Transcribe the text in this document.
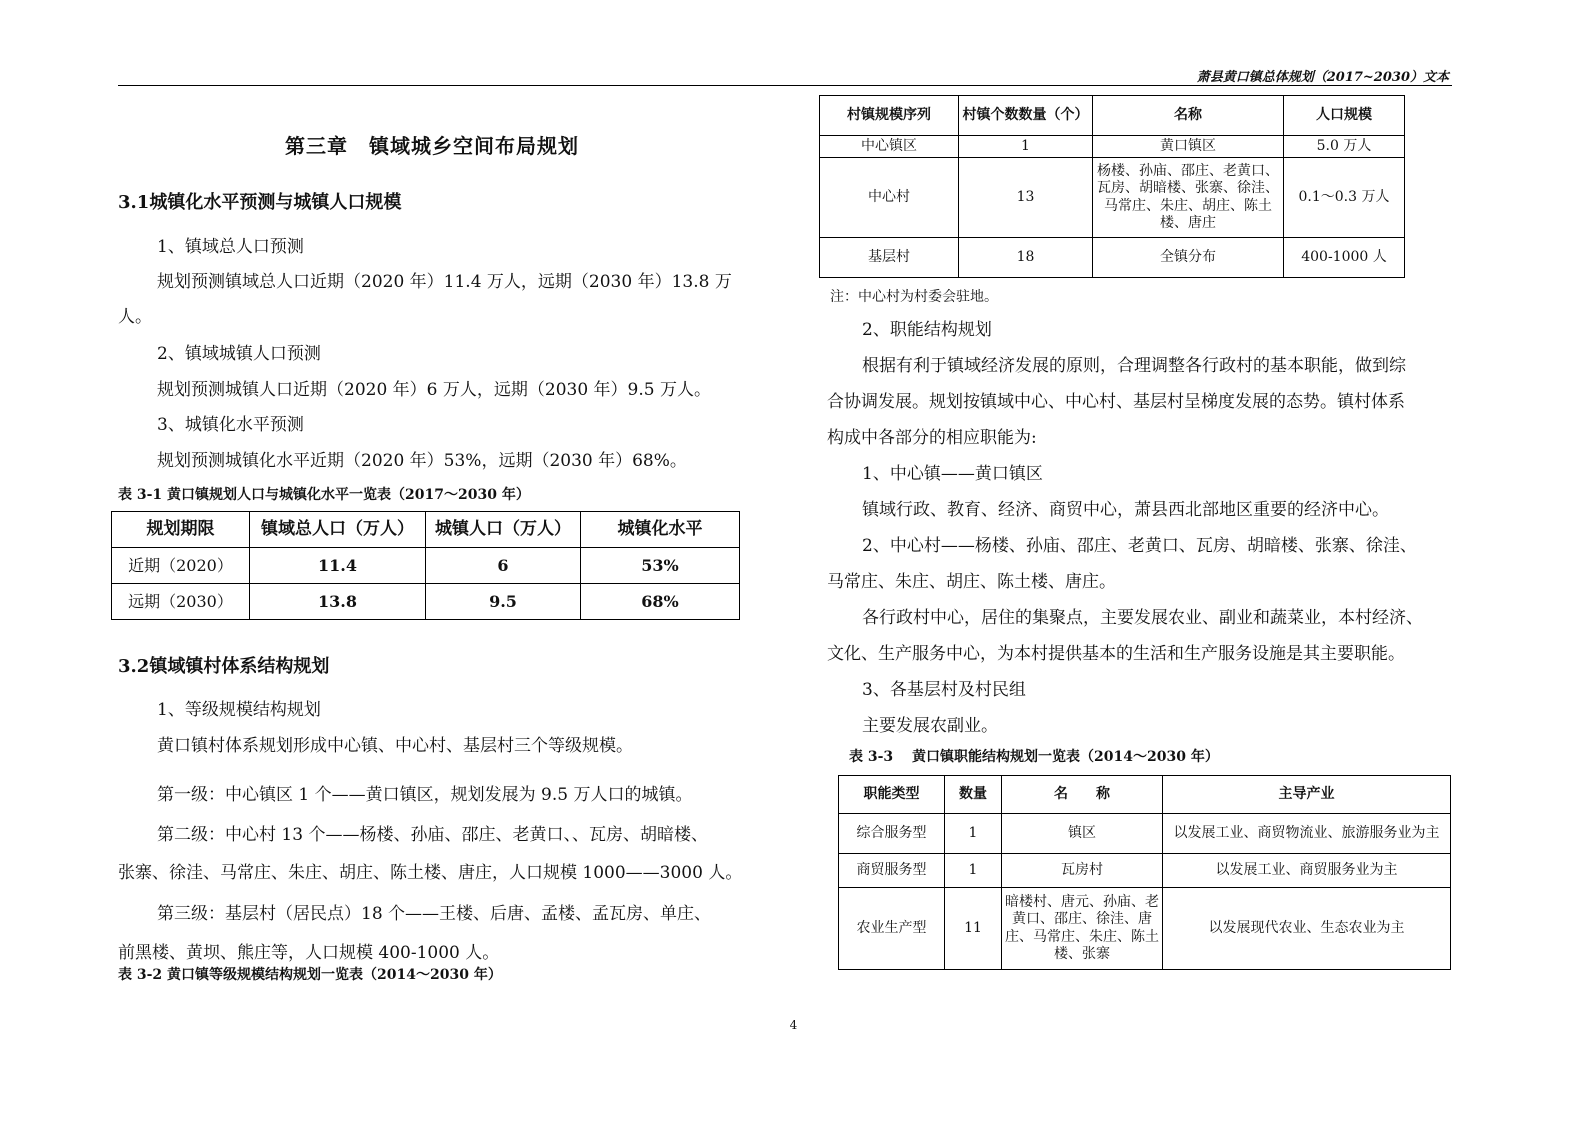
萧县黄口镇总体规划（2017~2030）文本
第三章　镇域城乡空间布局规划
3.1城镇化水平预测与城镇人口规模
1、镇域总人口预测
规划预测镇域总人口近期（2020 年）11.4 万人，远期（2030 年）13.8 万
人。
2、镇域城镇人口预测
规划预测城镇人口近期（2020 年）6 万人，远期（2030 年）9.5 万人。
3、城镇化水平预测
规划预测城镇化水平近期（2020 年）53%，远期（2030 年）68%。
表 3-1 黄口镇规划人口与城镇化水平一览表（2017～2030 年）
规划期限	镇域总人口（万人）	城镇人口（万人）	城镇化水平
近期（2020）	11.4	6	53%
远期（2030）	13.8	9.5	68%
3.2镇域镇村体系结构规划
1、等级规模结构规划
黄口镇村体系规划形成中心镇、中心村、基层村三个等级规模。
第一级：中心镇区 1 个——黄口镇区，规划发展为 9.5 万人口的城镇。
第二级：中心村 13 个——杨楼、孙庙、邵庄、老黄口、、瓦房、胡暗楼、
张寨、徐洼、马常庄、朱庄、胡庄、陈土楼、唐庄，人口规模 1000——3000 人。
第三级：基层村（居民点）18 个——王楼、后唐、孟楼、孟瓦房、单庄、
前黑楼、黄坝、熊庄等，人口规模 400-1000 人。
表 3-2 黄口镇等级规模结构规划一览表（2014～2030 年）
村镇规模序列	村镇个数数量（个）	名称	人口规模
中心镇区	1	黄口镇区	5.0 万人
中心村	13	杨楼、孙庙、邵庄、老黄口、瓦房、胡暗楼、张寨、徐洼、马常庄、朱庄、胡庄、陈土楼、唐庄	0.1～0.3 万人
基层村	18	全镇分布	400-1000 人
注：中心村为村委会驻地。
2、职能结构规划
根据有利于镇域经济发展的原则，合理调整各行政村的基本职能，做到综
合协调发展。规划按镇域中心、中心村、基层村呈梯度发展的态势。镇村体系
构成中各部分的相应职能为:
1、中心镇——黄口镇区
镇域行政、教育、经济、商贸中心，萧县西北部地区重要的经济中心。
2、中心村——杨楼、孙庙、邵庄、老黄口、瓦房、胡暗楼、张寨、徐洼、
马常庄、朱庄、胡庄、陈土楼、唐庄。
各行政村中心，居住的集聚点，主要发展农业、副业和蔬菜业，本村经济、
文化、生产服务中心，为本村提供基本的生活和生产服务设施是其主要职能。
3、各基层村及村民组
主要发展农副业。
表 3-3　 黄口镇职能结构规划一览表（2014～2030 年）
职能类型	数量	名　　称	主导产业
综合服务型	1	镇区	以发展工业、商贸物流业、旅游服务业为主
商贸服务型	1	瓦房村	以发展工业、商贸服务业为主
农业生产型	11	暗楼村、唐元、孙庙、老黄口、邵庄、徐洼、唐庄、马常庄、朱庄、陈土楼、张寨	以发展现代农业、生态农业为主
4
